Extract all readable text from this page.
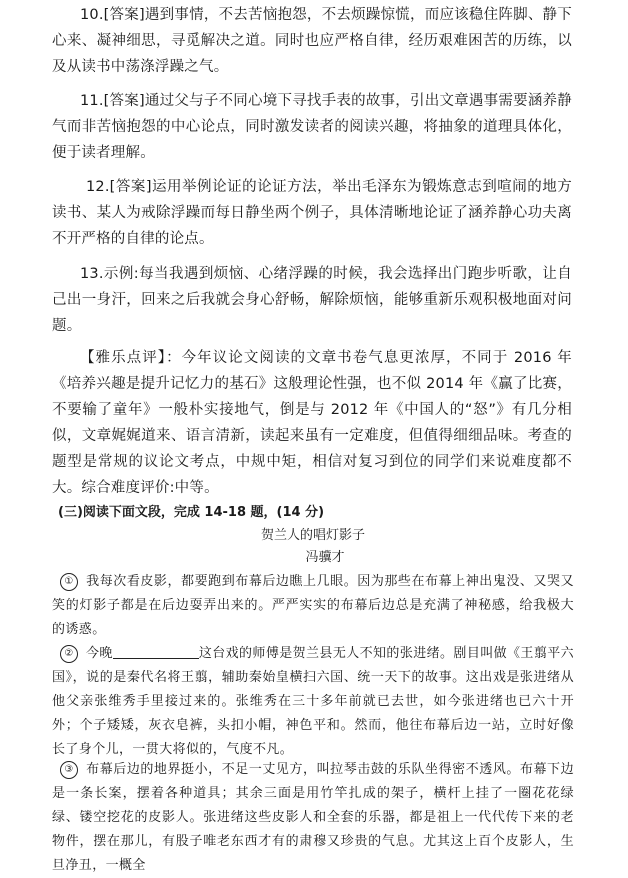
10.[答案]遇到事情，不去苦恼抱怨，不去烦躁惊慌，而应该稳住阵脚、静下心来、凝神细思，寻觅解决之道。同时也应严格自律，经历艰难困苦的历练，以及从读书中荡涤浮躁之气。

11.[答案]通过父与子不同心境下寻找手表的故事，引出文章遇事需要涵养静气而非苦恼抱怨的中心论点，同时激发读者的阅读兴趣，将抽象的道理具体化，便于读者理解。

12.[答案]运用举例论证的论证方法，举出毛泽东为锻炼意志到喧闹的地方读书、某人为戒除浮躁而每日静坐两个例子，具体清晰地论证了涵养静心功夫离不开严格的自律的论点。

13.示例:每当我遇到烦恼、心绪浮躁的时候，我会选择出门跑步听歌，让自己出一身汗，回来之后我就会身心舒畅，解除烦恼，能够重新乐观积极地面对问题。

【雅乐点评】：今年议论文阅读的文章书卷气息更浓厚，不同于 2016 年《培养兴趣是提升记忆力的基石》这般理论性强，也不似 2014 年《赢了比赛，不要输了童年》一般朴实接地气，倒是与 2012 年《中国人的“怒”》有几分相似，文章娓娓道来、语言清新，读起来虽有一定难度，但值得细细品味。考查的题型是常规的议论文考点，中规中矩，相信对复习到位的同学们来说难度都不大。综合难度评价:中等。

(三)阅读下面文段，完成 14-18 题，(14 分)

贺兰人的唱灯影子

冯骥才

① 我每次看皮影，都要跑到布幕后边瞧上几眼。因为那些在布幕上神出鬼没、又哭又笑的灯影子都是在后边耍弄出来的。严严实实的布幕后边总是充满了神秘感，给我极大的诱惑。

② 今晚	这台戏的师傅是贺兰县无人不知的张进绪。剧目叫做《王翦平六国》，说的是秦代名将王翦，辅助秦始皇横扫六国、统一天下的故事。这出戏是张进绪从他父亲张维秀手里接过来的。张维秀在三十多年前就已去世，如今张进绪也已六十开外；个子矮矮，灰衣皂裤，头扣小帽，神色平和。然而，他往布幕后边一站，立时好像长了身个儿，一贯大将似的，气度不凡。

③ 布幕后边的地界挺小，不足一丈见方，叫拉琴击鼓的乐队坐得密不透风。布幕下边是一条长案，摆着各种道具；其余三面是用竹竿扎成的架子，横杆上挂了一圈花花绿绿、镂空挖花的皮影人。张进绪这些皮影人和全套的乐器，都是祖上一代代传下来的老物件，摆在那儿，有股子唯老东西才有的肃穆又珍贵的气息。尤其这上百个皮影人，生旦净丑，一概全
